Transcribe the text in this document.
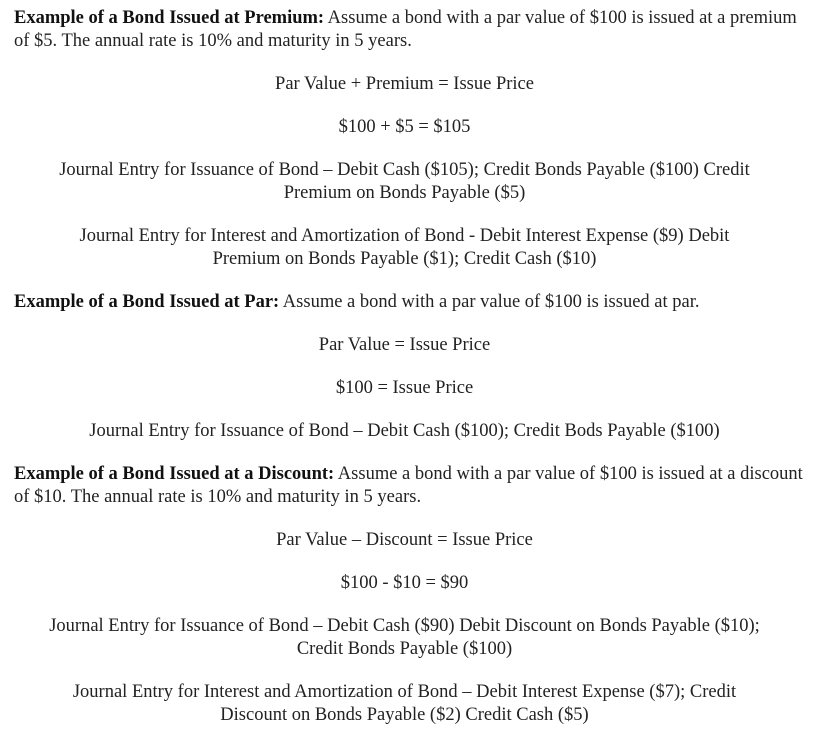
Example of a Bond Issued at Premium: Assume a bond with a par value of $100 is issued at a premium of $5. The annual rate is 10% and maturity in 5 years.

Par Value + Premium = Issue Price

$100 + $5 = $105

Journal Entry for Issuance of Bond – Debit Cash ($105); Credit Bonds Payable ($100) Credit
Premium on Bonds Payable ($5)

Journal Entry for Interest and Amortization of Bond - Debit Interest Expense ($9) Debit
Premium on Bonds Payable ($1); Credit Cash ($10)

Example of a Bond Issued at Par: Assume a bond with a par value of $100 is issued at par.

Par Value = Issue Price

$100 = Issue Price

Journal Entry for Issuance of Bond – Debit Cash ($100); Credit Bods Payable ($100)

Example of a Bond Issued at a Discount: Assume a bond with a par value of $100 is issued at a discount of $10. The annual rate is 10% and maturity in 5 years.

Par Value – Discount = Issue Price

$100 - $10 = $90

Journal Entry for Issuance of Bond – Debit Cash ($90) Debit Discount on Bonds Payable ($10);
Credit Bonds Payable ($100)

Journal Entry for Interest and Amortization of Bond – Debit Interest Expense ($7); Credit
Discount on Bonds Payable ($2) Credit Cash ($5)
